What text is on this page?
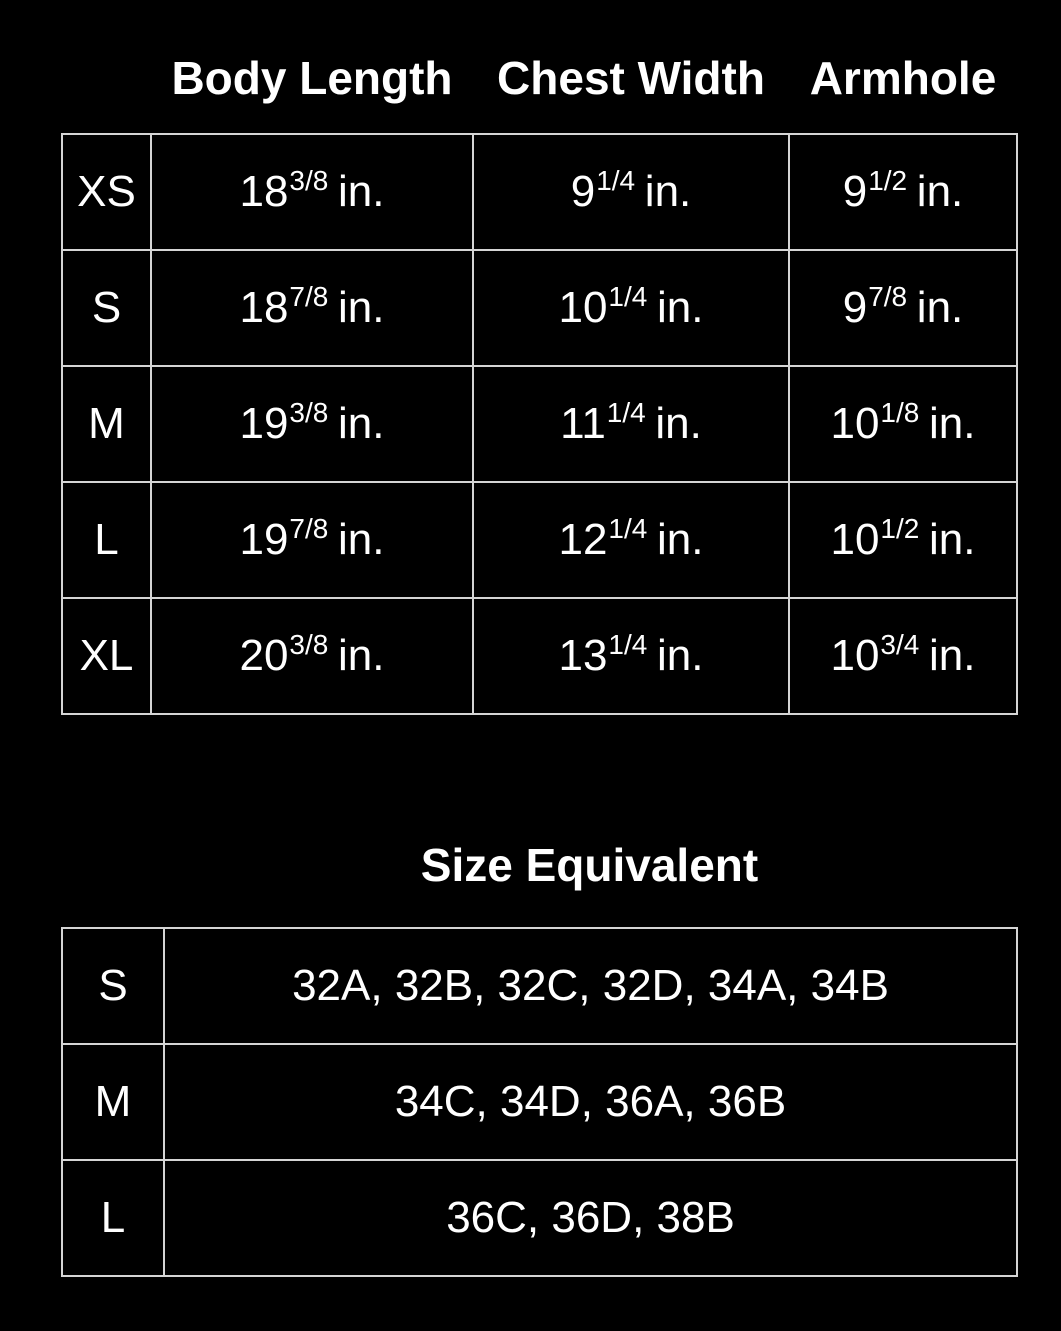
	Body Length	Chest Width	Armhole
XS	$18^{3/8}$ in.	$9^{1/4}$ in.	$9^{1/2}$ in.
S	$18^{7/8}$ in.	$10^{1/4}$ in.	$9^{7/8}$ in.
M	$19^{3/8}$ in.	$11^{1/4}$ in.	$10^{1/8}$ in.
L	$19^{7/8}$ in.	$12^{1/4}$ in.	$10^{1/2}$ in.
XL	$20^{3/8}$ in.	$13^{1/4}$ in.	$10^{3/4}$ in.
Size Equivalent
S	32A, 32B, 32C, 32D, 34A, 34B
M	34C, 34D, 36A, 36B
L	36C, 36D, 38B
